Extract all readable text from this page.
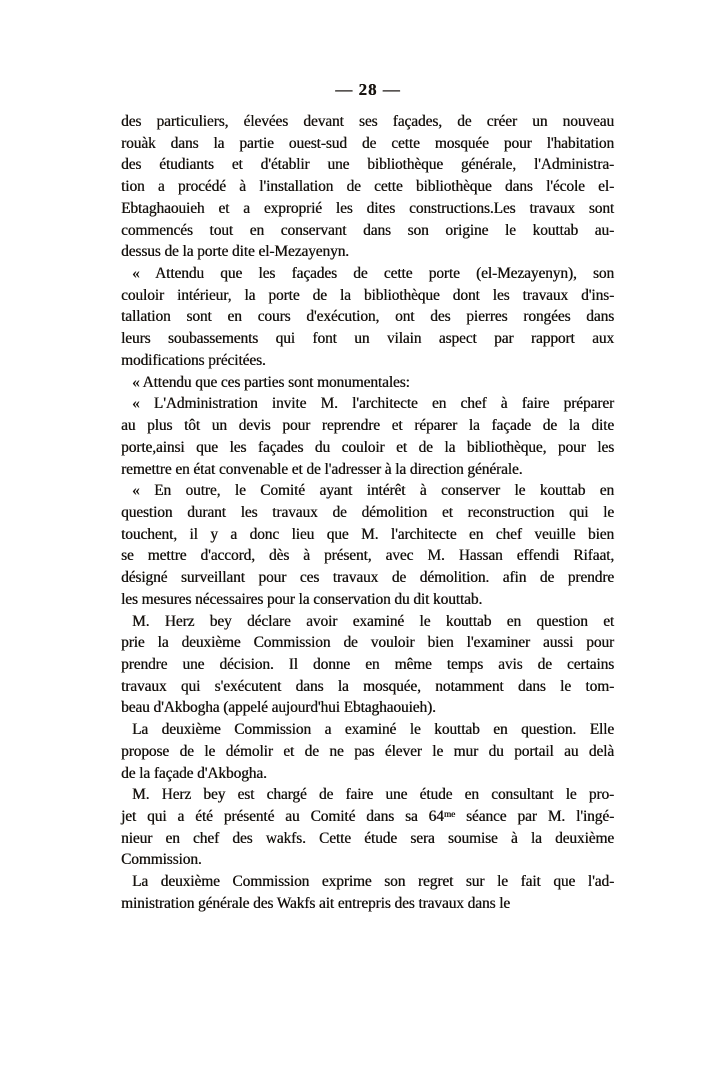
— 28 —
des particuliers, élevées devant ses façades, de créer un nouveau
rouàk dans la partie ouest-sud de cette mosquée pour l'habitation
des étudiants et d'établir une bibliothèque générale, l'Administra-
tion a procédé à l'installation de cette bibliothèque dans l'école el-
Ebtaghaouieh et a exproprié les dites constructions.Les travaux sont
commencés tout en conservant dans son origine le kouttab au-
dessus de la porte dite el-Mezayenyn.
« Attendu que les façades de cette porte (el-Mezayenyn), son
couloir intérieur, la porte de la bibliothèque dont les travaux d'ins-
tallation sont en cours d'exécution, ont des pierres rongées dans
leurs soubassements qui font un vilain aspect par rapport aux
modifications précitées.
« Attendu que ces parties sont monumentales:
« L'Administration invite M. l'architecte en chef à faire préparer
au plus tôt un devis pour reprendre et réparer la façade de la dite
porte,ainsi que les façades du couloir et de la bibliothèque, pour les
remettre en état convenable et de l'adresser à la direction générale.
« En outre, le Comité ayant intérêt à conserver le kouttab en
question durant les travaux de démolition et reconstruction qui le
touchent, il y a donc lieu que M. l'architecte en chef veuille bien
se mettre d'accord, dès à présent, avec M. Hassan effendi Rifaat,
désigné surveillant pour ces travaux de démolition. afin de prendre
les mesures nécessaires pour la conservation du dit kouttab.
M. Herz bey déclare avoir examiné le kouttab en question et
prie la deuxième Commission de vouloir bien l'examiner aussi pour
prendre une décision. Il donne en même temps avis de certains
travaux qui s'exécutent dans la mosquée, notamment dans le tom-
beau d'Akbogha (appelé aujourd'hui Ebtaghaouieh).
La deuxième Commission a examiné le kouttab en question. Elle
propose de le démolir et de ne pas élever le mur du portail au delà
de la façade d'Akbogha.
M. Herz bey est chargé de faire une étude en consultant le pro-
jet qui a été présenté au Comité dans sa 64ᵐᵉ séance par M. l'ingé-
nieur en chef des wakfs. Cette étude sera soumise à la deuxième
Commission.
La deuxième Commission exprime son regret sur le fait que l'ad-
ministration générale des Wakfs ait entrepris des travaux dans le
